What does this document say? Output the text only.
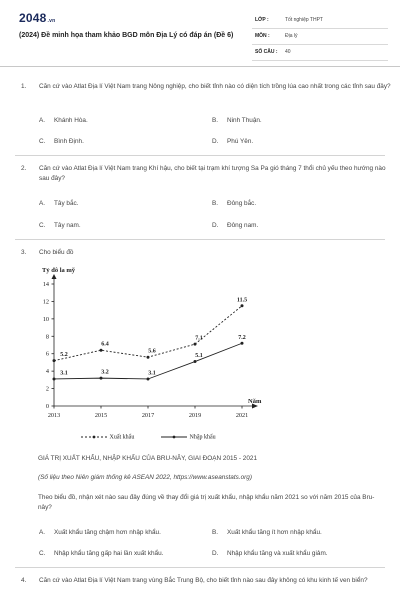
2048.vn
(2024) Đề minh họa tham khảo BGD môn Địa Lý có đáp án (Đề 6)
LỚP :	Tốt nghiệp THPT
MÔN :	Địa lý
SỐ CÂU : 40
1. Căn cứ vào Atlat Địa lí Việt Nam trang Nông nghiệp, cho biết tỉnh nào có diện tích trồng lúa cao nhất trong các tỉnh sau đây?
A. Khánh Hòa.	B. Ninh Thuận.
C. Bình Định.	D. Phú Yên.
2. Căn cứ vào Atlat Địa lí Việt Nam trang Khí hậu, cho biết tại trạm khí tượng Sa Pa gió tháng 7 thổi chủ yếu theo hướng nào sau đây?
A. Tây bắc.	B. Đông bắc.
C. Tây nam.	D. Đông nam.
3. Cho biểu đồ
Tỷ đô la mỹ
Năm
0
2
4
6
8
10
12
14
2013	2015	2017	2019	2021
5.2
6.4
5.6
7.1
11.5
3.1	3.2	3.1
5.1
7.2
Xuất khẩu	Nhập khẩu
GIÁ TRỊ XUẤT KHẨU, NHẬP KHẨU CỦA BRU-NÂY, GIAI ĐOẠN 2015 - 2021
(Số liệu theo Niên giám thống kê ASEAN 2022, https://www.aseanstats.org)
Theo biểu đồ, nhận xét nào sau đây đúng về thay đổi giá trị xuất khẩu, nhập khẩu năm 2021 so với năm 2015 của Bru-nây?
A. Xuất khẩu tăng chậm hơn nhập khẩu.	B. Xuất khẩu tăng ít hơn nhập khẩu.
C. Nhập khẩu tăng gấp hai lần xuất khẩu.	D. Nhập khẩu tăng và xuất khẩu giảm.
4. Căn cứ vào Atlat Địa lí Việt Nam trang vùng Bắc Trung Bộ, cho biết tỉnh nào sau đây không có khu kinh tế ven biển?
